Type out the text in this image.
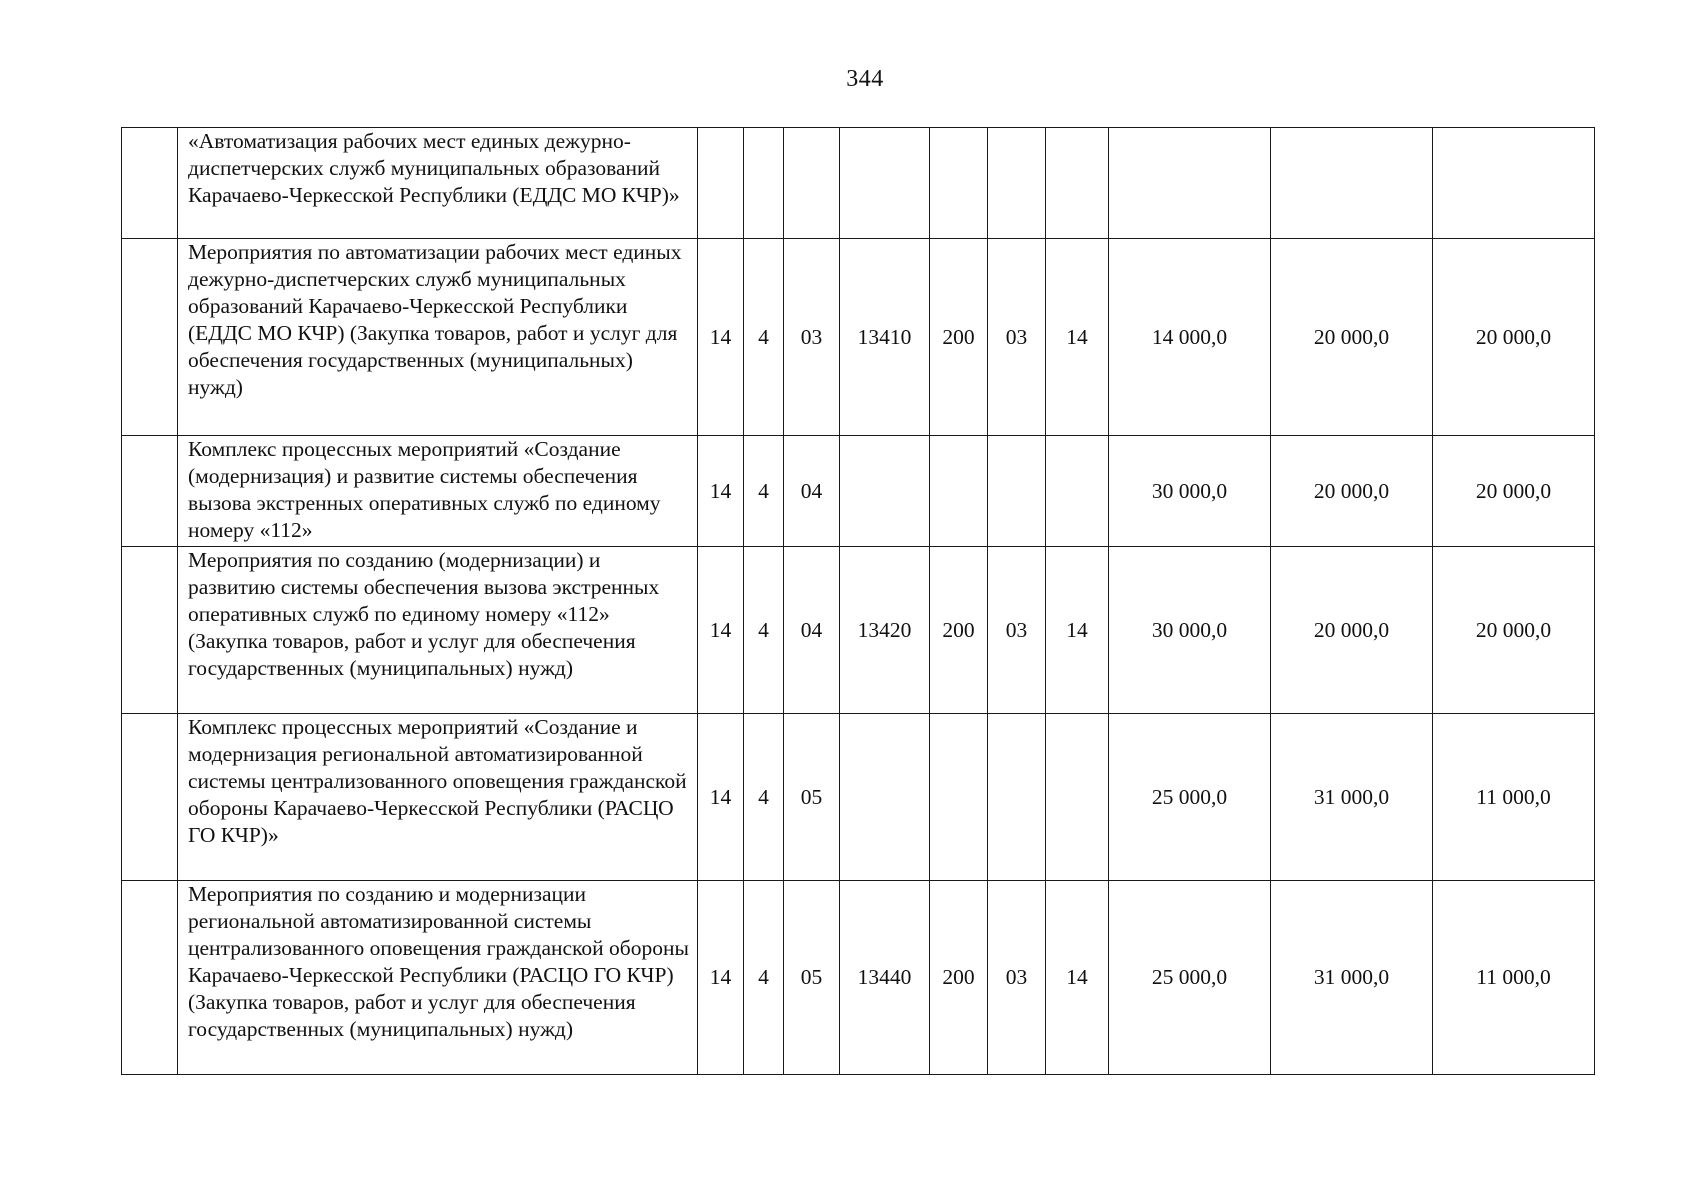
344
	«Автоматизация рабочих мест единых дежурно-диспетчерских служб муниципальных образований Карачаево-Черкесской Республики (ЕДДС МО КЧР)»										
	Мероприятия по автоматизации рабочих мест единых дежурно-диспетчерских служб муниципальных образований Карачаево-Черкесской Республики (ЕДДС МО КЧР) (Закупка товаров, работ и услуг для обеспечения государственных (муниципальных) нужд)	14	4	03	13410	200	03	14	14 000,0	20 000,0	20 000,0
	Комплекс процессных мероприятий «Создание (модернизация) и развитие системы обеспечения вызова экстренных оперативных служб по единому номеру «112»	14	4	04					30 000,0	20 000,0	20 000,0
	Мероприятия по созданию (модернизации) и развитию системы обеспечения вызова экстренных оперативных служб по единому номеру «112» (Закупка товаров, работ и услуг для обеспечения государственных (муниципальных) нужд)	14	4	04	13420	200	03	14	30 000,0	20 000,0	20 000,0
	Комплекс процессных мероприятий «Создание и модернизация региональной автоматизированной системы централизованного оповещения гражданской обороны Карачаево-Черкесской Республики (РАСЦО ГО КЧР)»	14	4	05					25 000,0	31 000,0	11 000,0
	Мероприятия по созданию и модернизации региональной автоматизированной системы централизованного оповещения гражданской обороны Карачаево-Черкесской Республики (РАСЦО ГО КЧР) (Закупка товаров, работ и услуг для обеспечения государственных (муниципальных) нужд)	14	4	05	13440	200	03	14	25 000,0	31 000,0	11 000,0
